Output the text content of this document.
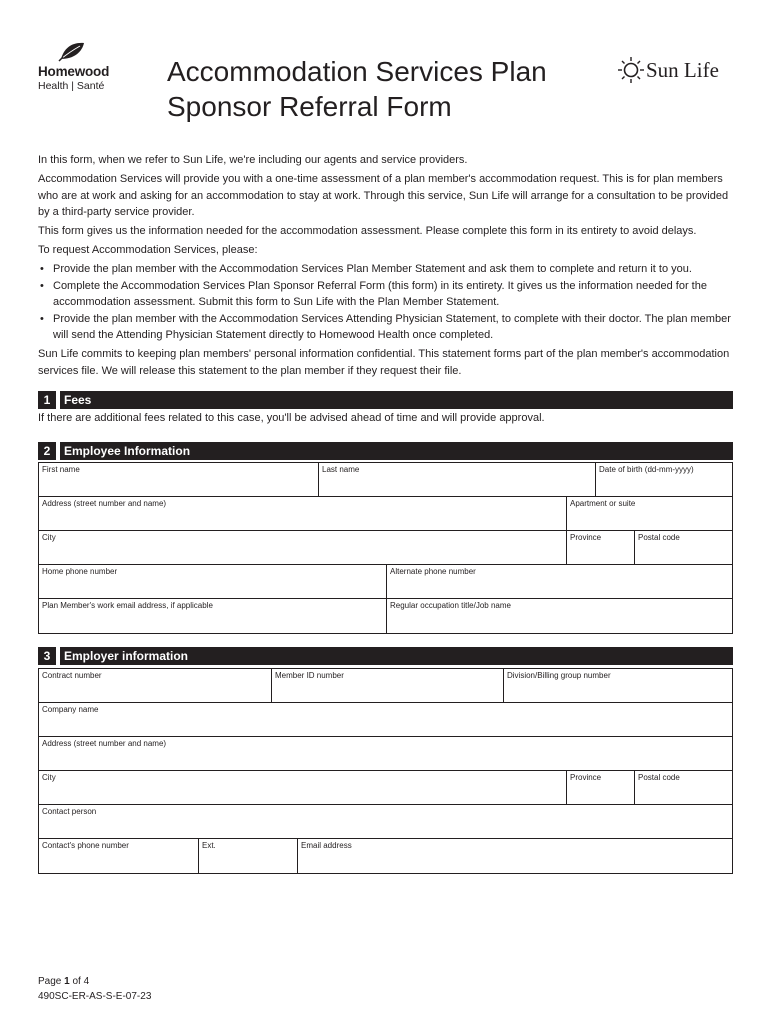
Homewood
Health | Santé Accommodation Services Plan
Sponsor Referral Form
Sun Life

In this form, when we refer to Sun Life, we're including our agents and service providers.

Accommodation Services will provide you with a one-time assessment of a plan member's accommodation request. This is for plan members who are at work and asking for an accommodation to stay at work. Through this service, Sun Life will arrange for a consultation to be provided by a third-party service provider.

This form gives us the information needed for the accommodation assessment. Please complete this form in its entirety to avoid delays.

To request Accommodation Services, please:

• Provide the plan member with the Accommodation Services Plan Member Statement and ask them to complete and return it to you.
• Complete the Accommodation Services Plan Sponsor Referral Form (this form) in its entirety. It gives us the information needed for the accommodation assessment. Submit this form to Sun Life with the Plan Member Statement.
• Provide the plan member with the Accommodation Services Attending Physician Statement, to complete with their doctor. The plan member will send the Attending Physician Statement directly to Homewood Health once completed.

Sun Life commits to keeping plan members' personal information confidential. This statement forms part of the plan member's accommodation services file. We will release this statement to the plan member if they request their file.

1	Fees
If there are additional fees related to this case, you'll be advised ahead of time and will provide approval.
2	Employee Information
First name	Last name	Date of birth (dd-mm-yyyy)
Address (street number and name)	Apartment or suite
City	Province	Postal code
Home phone number	Alternate phone number
Plan Member's work email address, if applicable	Regular occupation title/Job name
3	Employer information
Contract number	Member ID number	Division/Billing group number
Company name
Address (street number and name)
City	Province	Postal code
Contact person
Contact's phone number	Ext.	Email address
Page 1 of 4
490SC-ER-AS-S-E-07-23
